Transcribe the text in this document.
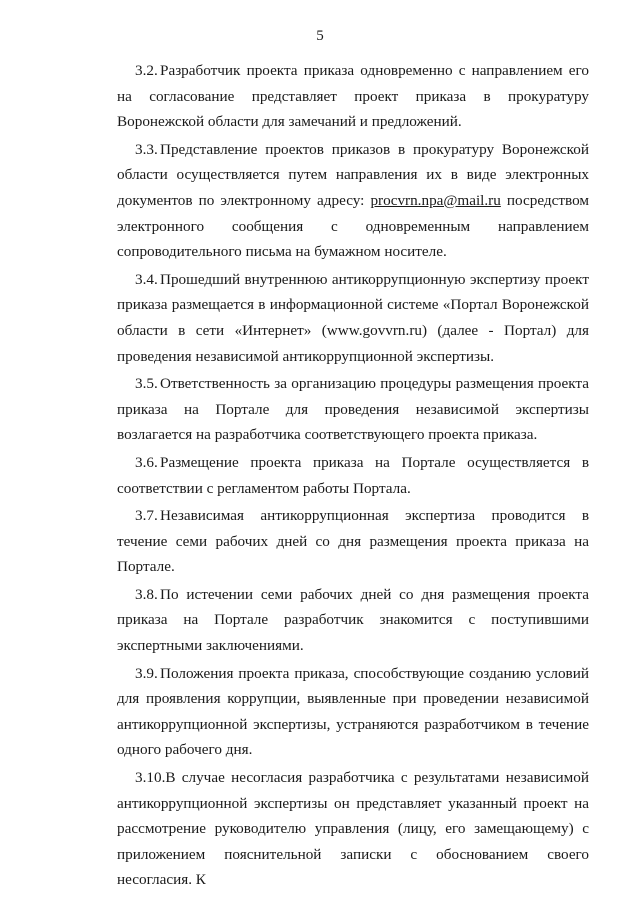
5

3.2. Разработчик проекта приказа одновременно с направлением его на согласование представляет проект приказа в прокуратуру Воронежской области для замечаний и предложений.

3.3. Представление проектов приказов в прокуратуру Воронежской области осуществляется путем направления их в виде электронных документов по электронному адресу: procvrn.npa@mail.ru посредством электронного сообщения с одновременным направлением сопроводительного письма на бумажном носителе.

3.4. Прошедший внутреннюю антикоррупционную экспертизу проект приказа размещается в информационной системе «Портал Воронежской области в сети «Интернет» (www.govvrn.ru) (далее - Портал) для проведения независимой антикоррупционной экспертизы.

3.5. Ответственность за организацию процедуры размещения проекта приказа на Портале для проведения независимой экспертизы возлагается на разработчика соответствующего проекта приказа.

3.6. Размещение проекта приказа на Портале осуществляется в соответствии с регламентом работы Портала.

3.7. Независимая антикоррупционная экспертиза проводится в течение семи рабочих дней со дня размещения проекта приказа на Портале.

3.8. По истечении семи рабочих дней со дня размещения проекта приказа на Портале разработчик знакомится с поступившими экспертными заключениями.

3.9. Положения проекта приказа, способствующие созданию условий для проявления коррупции, выявленные при проведении независимой антикоррупционной экспертизы, устраняются разработчиком в течение одного рабочего дня.

3.10.В случае несогласия разработчика с результатами независимой антикоррупционной экспертизы он представляет указанный проект на рассмотрение руководителю управления (лицу, его замещающему) с приложением пояснительной записки с обоснованием своего несогласия. К
